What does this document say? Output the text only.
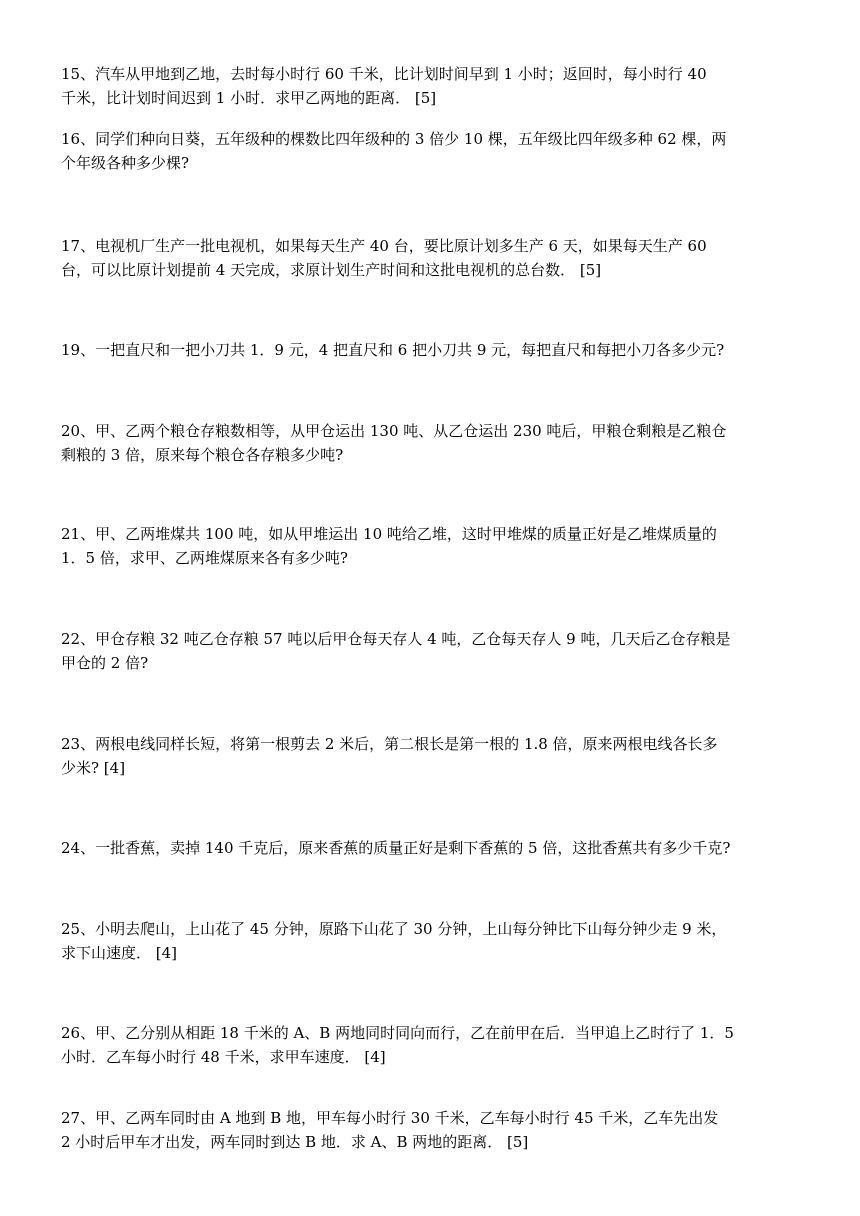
15、汽车从甲地到乙地，去时每小时行 60 千米，比计划时间早到 1 小时；返回时，每小时行 40
千米，比计划时间迟到 1 小时．求甲乙两地的距离． [5]
16、同学们种向日葵，五年级种的棵数比四年级种的 3 倍少 10 棵，五年级比四年级多种 62 棵，两
个年级各种多少棵?
17、电视机厂生产一批电视机，如果每天生产 40 台，要比原计划多生产 6 天，如果每天生产 60
台，可以比原计划提前 4 天完成，求原计划生产时间和这批电视机的总台数． [5]
19、一把直尺和一把小刀共 1．9 元，4 把直尺和 6 把小刀共 9 元，每把直尺和每把小刀各多少元?
20、甲、乙两个粮仓存粮数相等，从甲仓运出 130 吨、从乙仓运出 230 吨后，甲粮仓剩粮是乙粮仓
剩粮的 3 倍，原来每个粮仓各存粮多少吨?
21、甲、乙两堆煤共 100 吨，如从甲堆运出 10 吨给乙堆，这时甲堆煤的质量正好是乙堆煤质量的
1．5 倍，求甲、乙两堆煤原来各有多少吨?
22、甲仓存粮 32 吨乙仓存粮 57 吨以后甲仓每天存人 4 吨，乙仓每天存人 9 吨，几天后乙仓存粮是
甲仓的 2 倍?
23、两根电线同样长短，将第一根剪去 2 米后，第二根长是第一根的 1.8 倍，原来两根电线各长多
少米? [4]
24、一批香蕉，卖掉 140 千克后，原来香蕉的质量正好是剩下香蕉的 5 倍，这批香蕉共有多少千克?
25、小明去爬山，上山花了 45 分钟，原路下山花了 30 分钟，上山每分钟比下山每分钟少走 9 米，
求下山速度． [4]
26、甲、乙分别从相距 18 千米的 A、B 两地同时同向而行，乙在前甲在后．当甲追上乙时行了 1．5
小时．乙车每小时行 48 千米，求甲车速度． [4]
27、甲、乙两车同时由 A 地到 B 地，甲车每小时行 30 千米，乙车每小时行 45 千米，乙车先出发
2 小时后甲车才出发，两车同时到达 B 地．求 A、B 两地的距离． [5]
